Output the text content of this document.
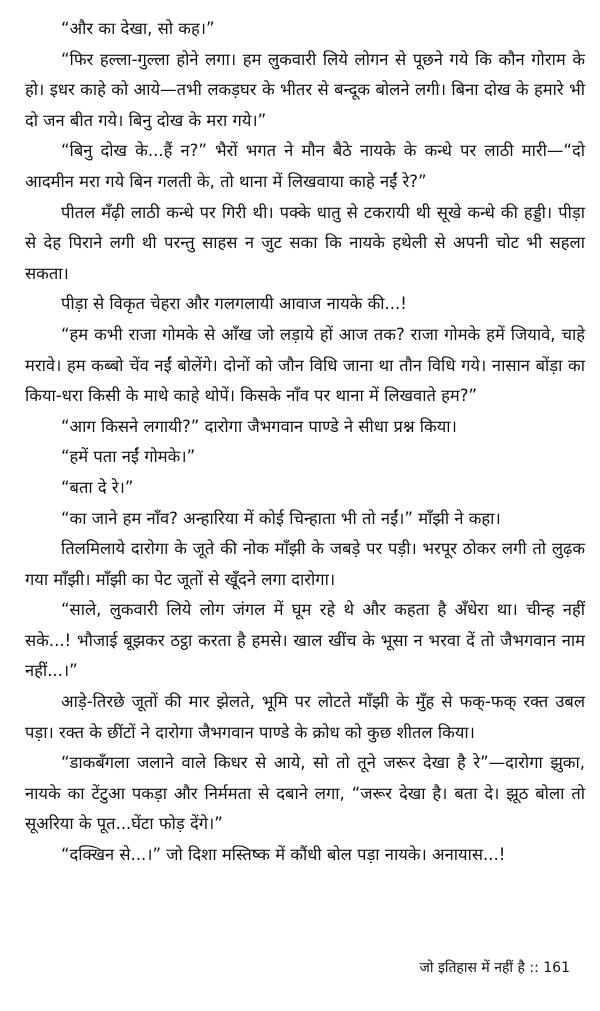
“और का देखा, सो कह।”

“फिर हल्ला-गुल्ला होने लगा। हम लुकवारी लिये लोगन से पूछने गये कि कौन गोराम के हो। इधर काहे को आये—तभी लकड़घर के भीतर से बन्दूक बोलने लगी। बिना दोख के हमारे भी दो जन बीत गये। बिनु दोख के मरा गये।”

“बिनु दोख के...हैं न?” भैरों भगत ने मौन बैठे नायके के कन्धे पर लाठी मारी—“दो आदमीन मरा गये बिन गलती के, तो थाना में लिखवाया काहे नईं रे?”

पीतल मँढ़ी लाठी कन्धे पर गिरी थी। पक्के धातु से टकरायी थी सूखे कन्धे की हड्डी। पीड़ा से देह पिराने लगी थी परन्तु साहस न जुट सका कि नायके हथेली से अपनी चोट भी सहला सकता।

पीड़ा से विकृत चेहरा और गलगलायी आवाज नायके की...!

“हम कभी राजा गोमके से आँख जो लड़ाये हों आज तक? राजा गोमके हमें जियावे, चाहे मरावे। हम कब्बो चेंव नईं बोलेंगे। दोनों को जौन विधि जाना था तौन विधि गये। नासान बोंड़ा का किया-धरा किसी के माथे काहे थोपें। किसके नाँव पर थाना में लिखवाते हम?”

“आग किसने लगायी?” दारोगा जैभगवान पाण्डे ने सीधा प्रश्न किया।

“हमें पता नईं गोमके।”

“बता दे रे।”

“का जाने हम नाँव? अन्हारिया में कोई चिन्हाता भी तो नईं।” माँझी ने कहा।

तिलमिलाये दारोगा के जूते की नोक माँझी के जबड़े पर पड़ी। भरपूर ठोकर लगी तो लुढ़क गया माँझी। माँझी का पेट जूतों से खूँदने लगा दारोगा।

“साले, लुकवारी लिये लोग जंगल में घूम रहे थे और कहता है अँधेरा था। चीन्ह नहीं सके...! भौजाई बूझकर ठट्ठा करता है हमसे। खाल खींच के भूसा न भरवा दें तो जैभगवान नाम नहीं...।”

आड़े-तिरछे जूतों की मार झेलते, भूमि पर लोटते माँझी के मुँह से फक्-फक् रक्त उबल पड़ा। रक्त के छींटों ने दारोगा जैभगवान पाण्डे के क्रोध को कुछ शीतल किया।

“डाकबँगला जलाने वाले किधर से आये, सो तो तूने जरूर देखा है रे”—दारोगा झुका, नायके का टेंटुआ पकड़ा और निर्ममता से दबाने लगा, “जरूर देखा है। बता दे। झूठ बोला तो सूअरिया के पूत...घेंटा फोड़ देंगे।”

“दक्खिन से...।” जो दिशा मस्तिष्क में कौंधी बोल पड़ा नायके। अनायास...!

जो इतिहास में नहीं है :: 161
